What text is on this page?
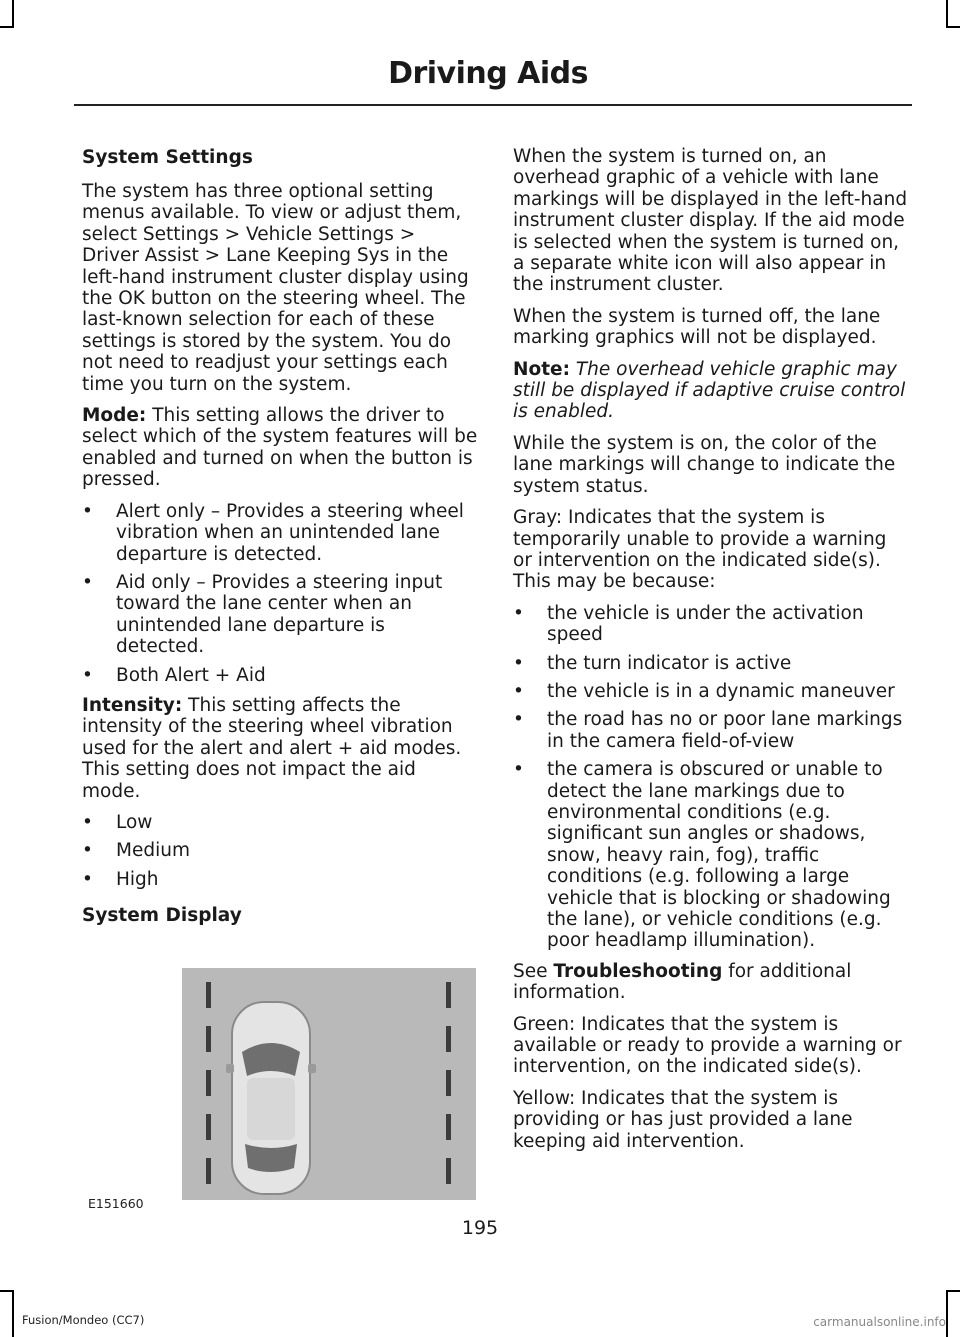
Driving Aids
System Settings

The system has three optional setting menus available. To view or adjust them, select Settings > Vehicle Settings > Driver Assist > Lane Keeping Sys in the left-hand instrument cluster display using the OK button on the steering wheel. The last-known selection for each of these settings is stored by the system. You do not need to readjust your settings each time you turn on the system.

Mode: This setting allows the driver to select which of the system features will be enabled and turned on when the button is pressed.

• Alert only – Provides a steering wheel vibration when an unintended lane departure is detected.
• Aid only – Provides a steering input toward the lane center when an unintended lane departure is detected.
• Both Alert + Aid

Intensity: This setting affects the intensity of the steering wheel vibration used for the alert and alert + aid modes. This setting does not impact the aid mode.

• Low
• Medium
• High
System Display
E151660

When the system is turned on, an overhead graphic of a vehicle with lane markings will be displayed in the left-hand instrument cluster display. If the aid mode is selected when the system is turned on, a separate white icon will also appear in the instrument cluster.

When the system is turned off, the lane marking graphics will not be displayed.

Note: The overhead vehicle graphic may still be displayed if adaptive cruise control is enabled.

While the system is on, the color of the lane markings will change to indicate the system status.

Gray: Indicates that the system is temporarily unable to provide a warning or intervention on the indicated side(s). This may be because:

• the vehicle is under the activation speed
• the turn indicator is active
• the vehicle is in a dynamic maneuver
• the road has no or poor lane markings in the camera field-of-view
• the camera is obscured or unable to detect the lane markings due to environmental conditions (e.g. significant sun angles or shadows, snow, heavy rain, fog), traffic conditions (e.g. following a large vehicle that is blocking or shadowing the lane), or vehicle conditions (e.g. poor headlamp illumination).

See Troubleshooting for additional information.

Green: Indicates that the system is available or ready to provide a warning or intervention, on the indicated side(s).

Yellow: Indicates that the system is providing or has just provided a lane keeping aid intervention.

195
Fusion/Mondeo (CC7)	carmanualsonline.info
